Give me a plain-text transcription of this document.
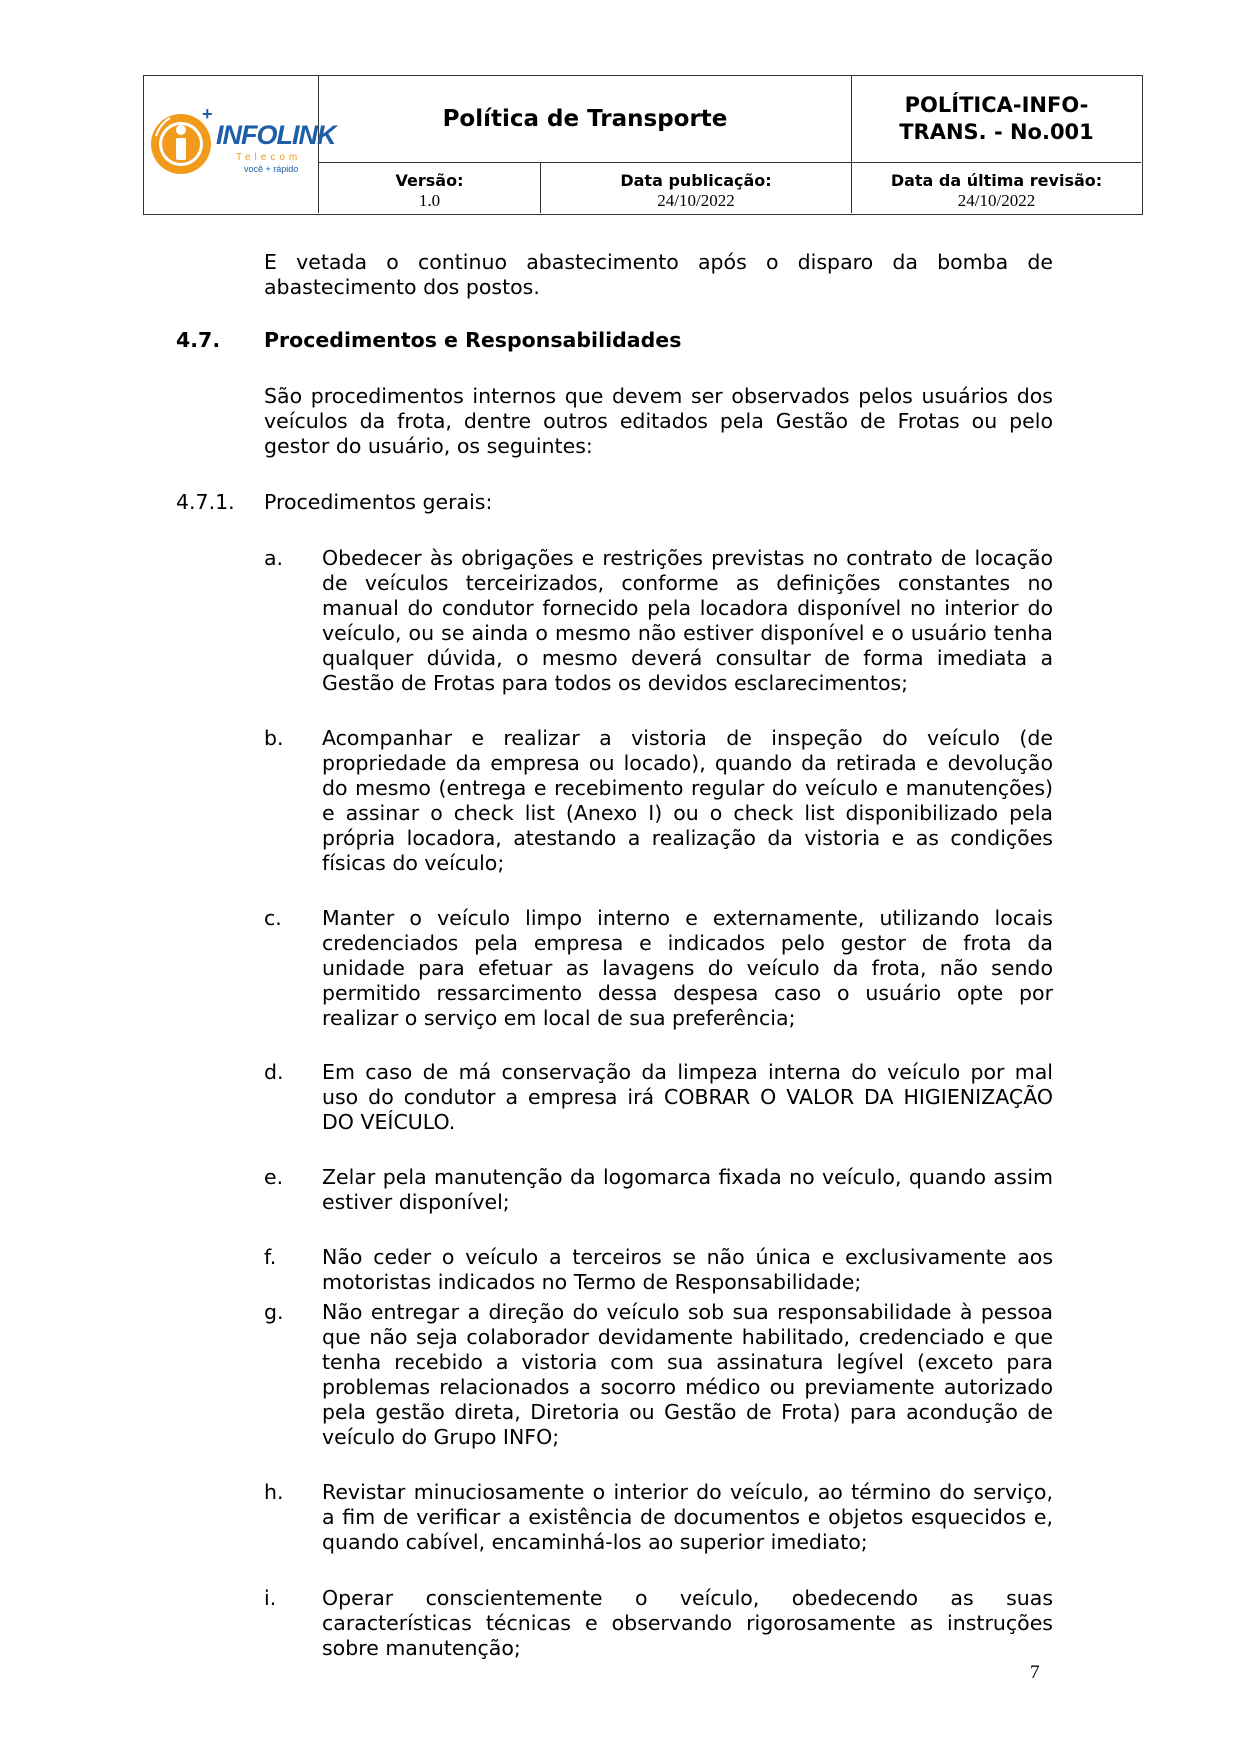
+
INFOLINK
Telecom
você + rápido
Política de Transporte
POLÍTICA-INFO-
TRANS. - No.001
Versão:
1.0
Data publicação:
24/10/2022
Data da última revisão:
24/10/2022
E vetada o continuo abastecimento após o disparo da bomba de abastecimento dos postos.
4.7. Procedimentos e Responsabilidades
São procedimentos internos que devem ser observados pelos usuários dos veículos da frota, dentre outros editados pela Gestão de Frotas ou pelo gestor do usuário, os seguintes:
4.7.1. Procedimentos gerais:
a. Obedecer às obrigações e restrições previstas no contrato de locação de veículos terceirizados, conforme as definições constantes no manual do condutor fornecido pela locadora disponível no interior do veículo, ou se ainda o mesmo não estiver disponível e o usuário tenha qualquer dúvida, o mesmo deverá consultar de forma imediata a Gestão de Frotas para todos os devidos esclarecimentos;
b. Acompanhar e realizar a vistoria de inspeção do veículo (de propriedade da empresa ou locado), quando da retirada e devolução do mesmo (entrega e recebimento regular do veículo e manutenções) e assinar o check list (Anexo I) ou o check list disponibilizado pela própria locadora, atestando a realização da vistoria e as condições físicas do veículo;
c. Manter o veículo limpo interno e externamente, utilizando locais credenciados pela empresa e indicados pelo gestor de frota da unidade para efetuar as lavagens do veículo da frota, não sendo permitido ressarcimento dessa despesa caso o usuário opte por realizar o serviço em local de sua preferência;
d. Em caso de má conservação da limpeza interna do veículo por mal uso do condutor a empresa irá COBRAR O VALOR DA HIGIENIZAÇÃO DO VEÍCULO.
e. Zelar pela manutenção da logomarca fixada no veículo, quando assim estiver disponível;
f. Não ceder o veículo a terceiros se não única e exclusivamente aos motoristas indicados no Termo de Responsabilidade;
g. Não entregar a direção do veículo sob sua responsabilidade à pessoa que não seja colaborador devidamente habilitado, credenciado e que tenha recebido a vistoria com sua assinatura legível (exceto para problemas relacionados a socorro médico ou previamente autorizado pela gestão direta, Diretoria ou Gestão de Frota) para acondução de veículo do Grupo INFO;
h. Revistar minuciosamente o interior do veículo, ao término do serviço, a fim de verificar a existência de documentos e objetos esquecidos e, quando cabível, encaminhá-los ao superior imediato;
i. Operar conscientemente o veículo, obedecendo as suas características técnicas e observando rigorosamente as instruções sobre manutenção;
7
